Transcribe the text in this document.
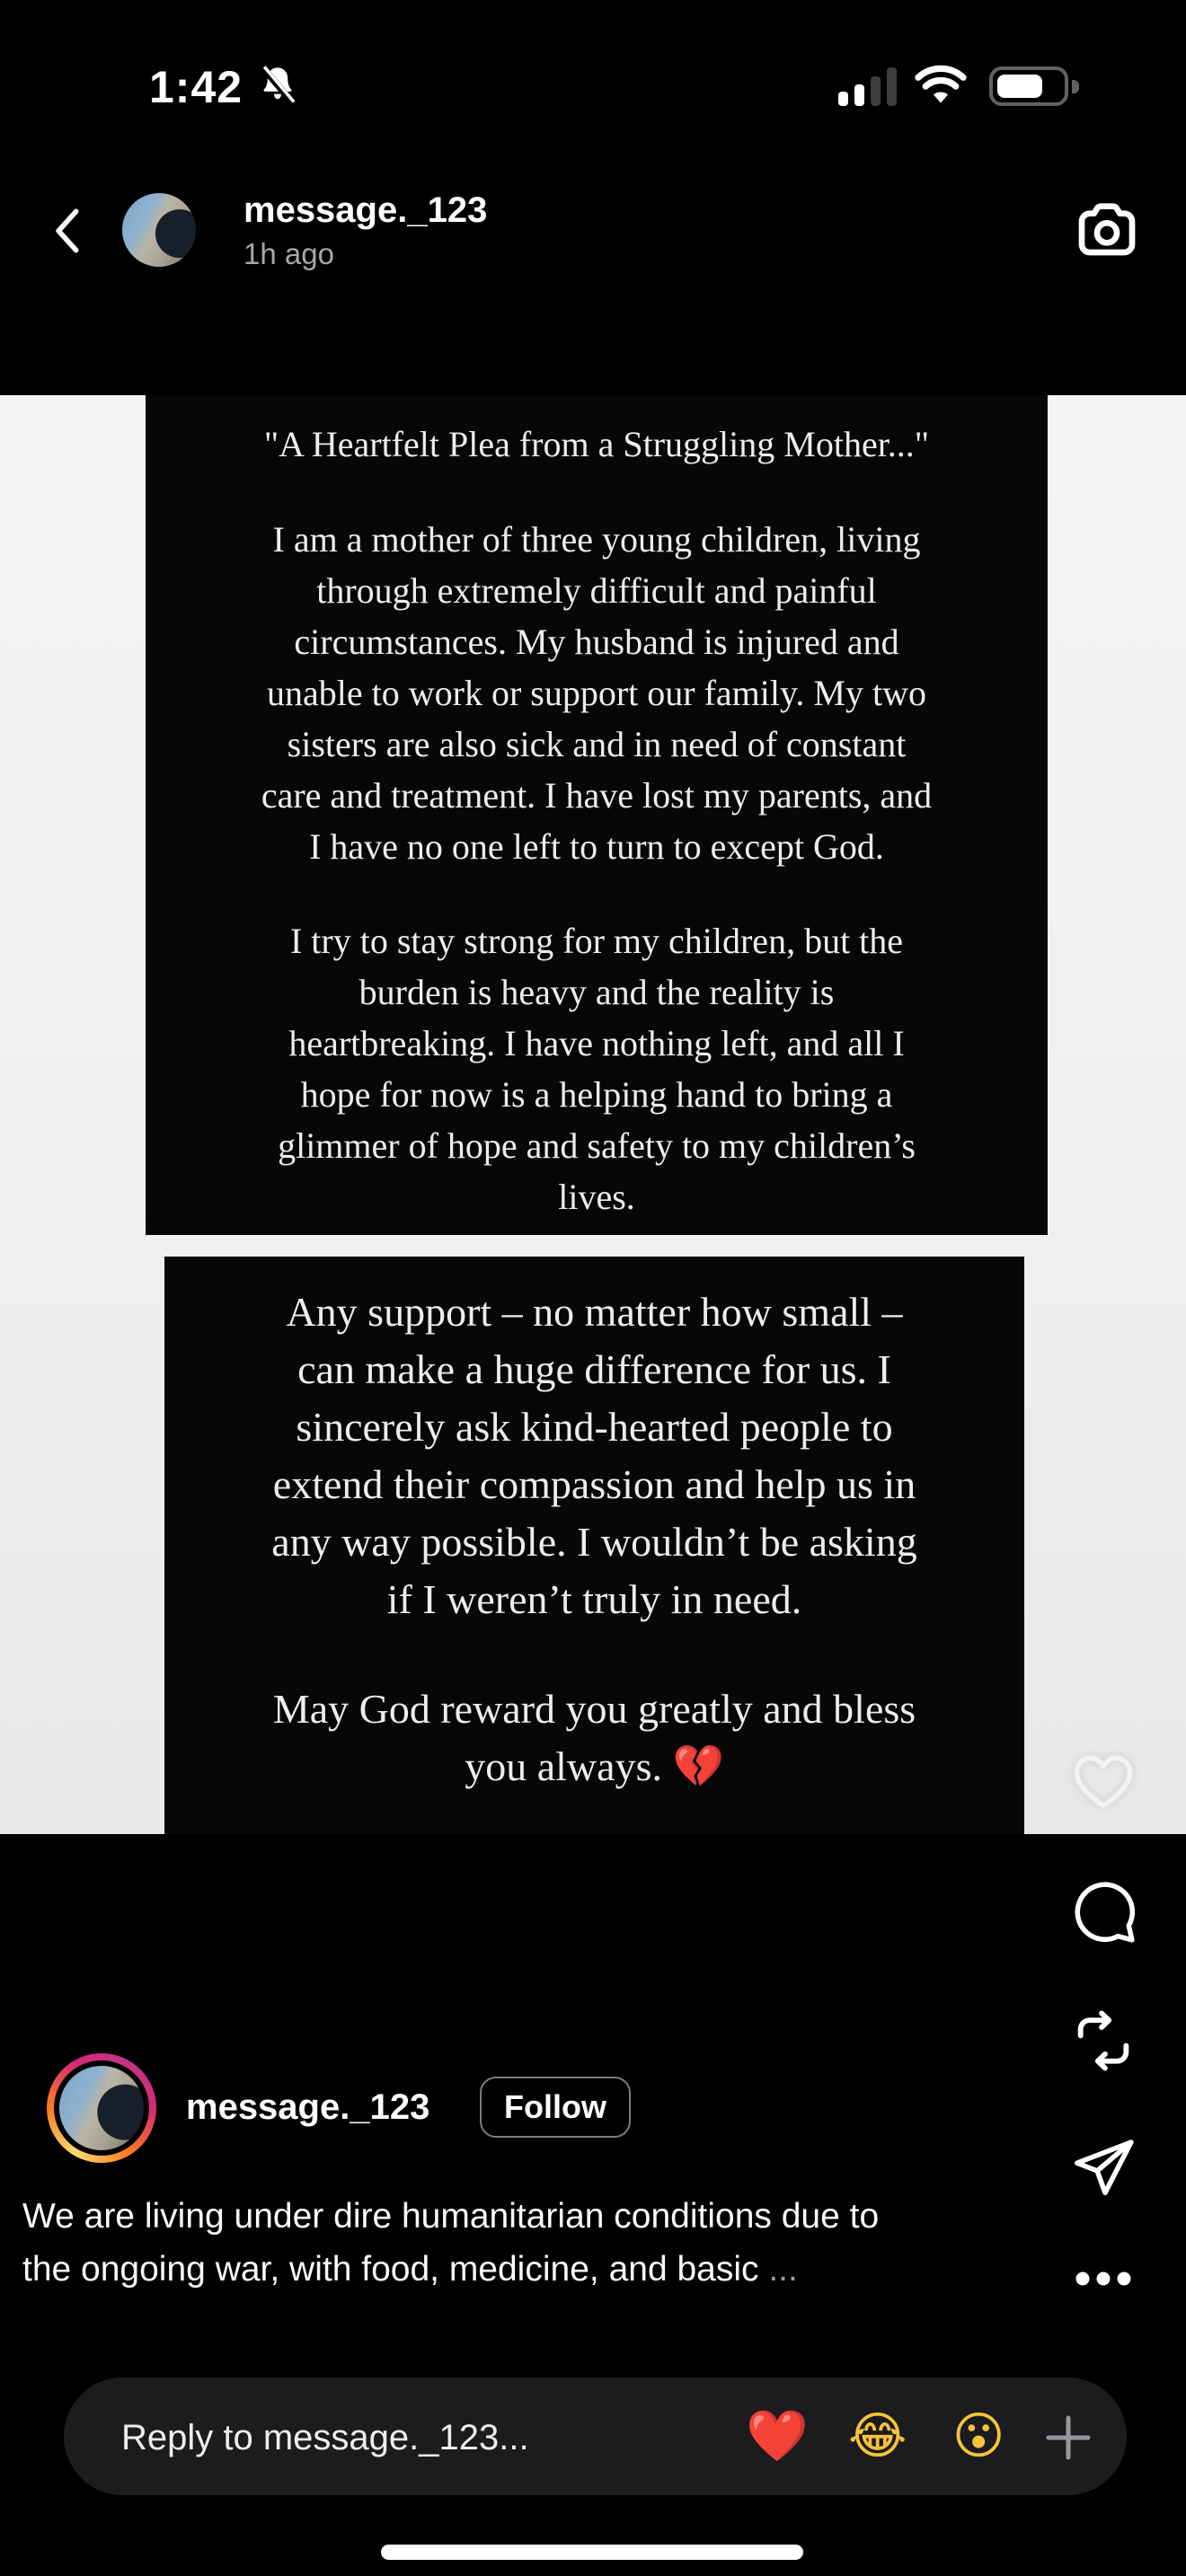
1:42
message._123
1h ago
"A Heartfelt Plea from a Struggling Mother..."

I am a mother of three young children, living
through extremely difficult and painful
circumstances. My husband is injured and
unable to work or support our family. My two
sisters are also sick and in need of constant
care and treatment. I have lost my parents, and
I have no one left to turn to except God.

I try to stay strong for my children, but the
burden is heavy and the reality is
heartbreaking. I have nothing left, and all I
hope for now is a helping hand to bring a
glimmer of hope and safety to my children’s
lives.

Any support – no matter how small –
can make a huge difference for us. I
sincerely ask kind-hearted people to
extend their compassion and help us in
any way possible. I wouldn’t be asking
if I weren’t truly in need.

May God reward you greatly and bless
you always. 💔

message._123	Follow
We are living under dire humanitarian conditions due to
the ongoing war, with food, medicine, and basic ...
Reply to message._123...	❤️ 😂 😮
